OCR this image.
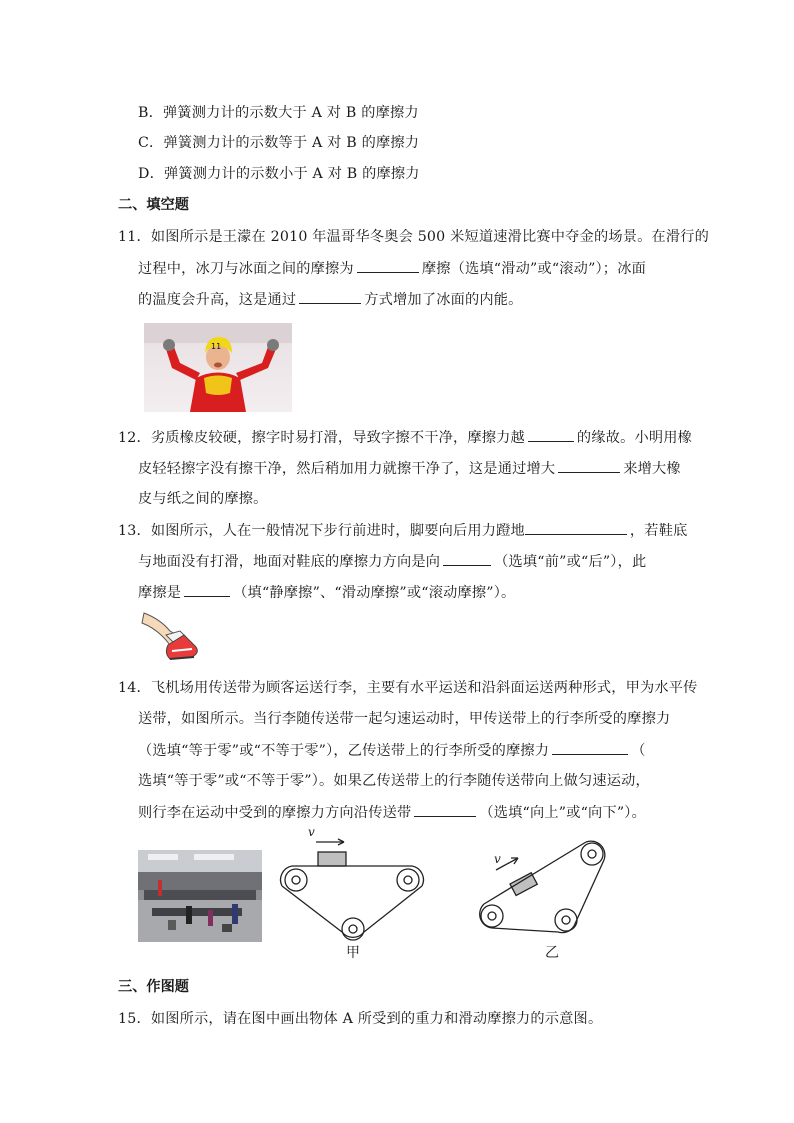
B．弹簧测力计的示数大于 A 对 B 的摩擦力
C．弹簧测力计的示数等于 A 对 B 的摩擦力
D．弹簧测力计的示数小于 A 对 B 的摩擦力
二、填空题
11．如图所示是王濛在 2010 年温哥华冬奥会 500 米短道速滑比赛中夺金的场景。在滑行的
过程中，冰刀与冰面之间的摩擦为	摩擦（选填“滑动”或“滚动”）；冰面
的温度会升高，这是通过	方式增加了冰面的内能。
11
12．劣质橡皮较硬，擦字时易打滑，导致字擦不干净，摩擦力越	的缘故。小明用橡
皮轻轻擦字没有擦干净，然后稍加用力就擦干净了，这是通过增大	来增大橡
皮与纸之间的摩擦。
13．如图所示，人在一般情况下步行前进时，脚要向后用力蹬地	，若鞋底
与地面没有打滑，地面对鞋底的摩擦力方向是向	（选填“前”或“后”），此
摩擦是	（填“静摩擦”、“滑动摩擦”或“滚动摩擦”）。
14．飞机场用传送带为顾客运送行李，主要有水平运送和沿斜面运送两种形式，甲为水平传
送带，如图所示。当行李随传送带一起匀速运动时，甲传送带上的行李所受的摩擦力
（选填“等于零”或“不等于零”），乙传送带上的行李所受的摩擦力	（
选填“等于零”或“不等于零”）。如果乙传送带上的行李随传送带向上做匀速运动，
则行李在运动中受到的摩擦力方向沿传送带	（选填“向上”或“向下”）。
v
甲
v
乙
三、作图题
15．如图所示，请在图中画出物体 A 所受到的重力和滑动摩擦力的示意图。
